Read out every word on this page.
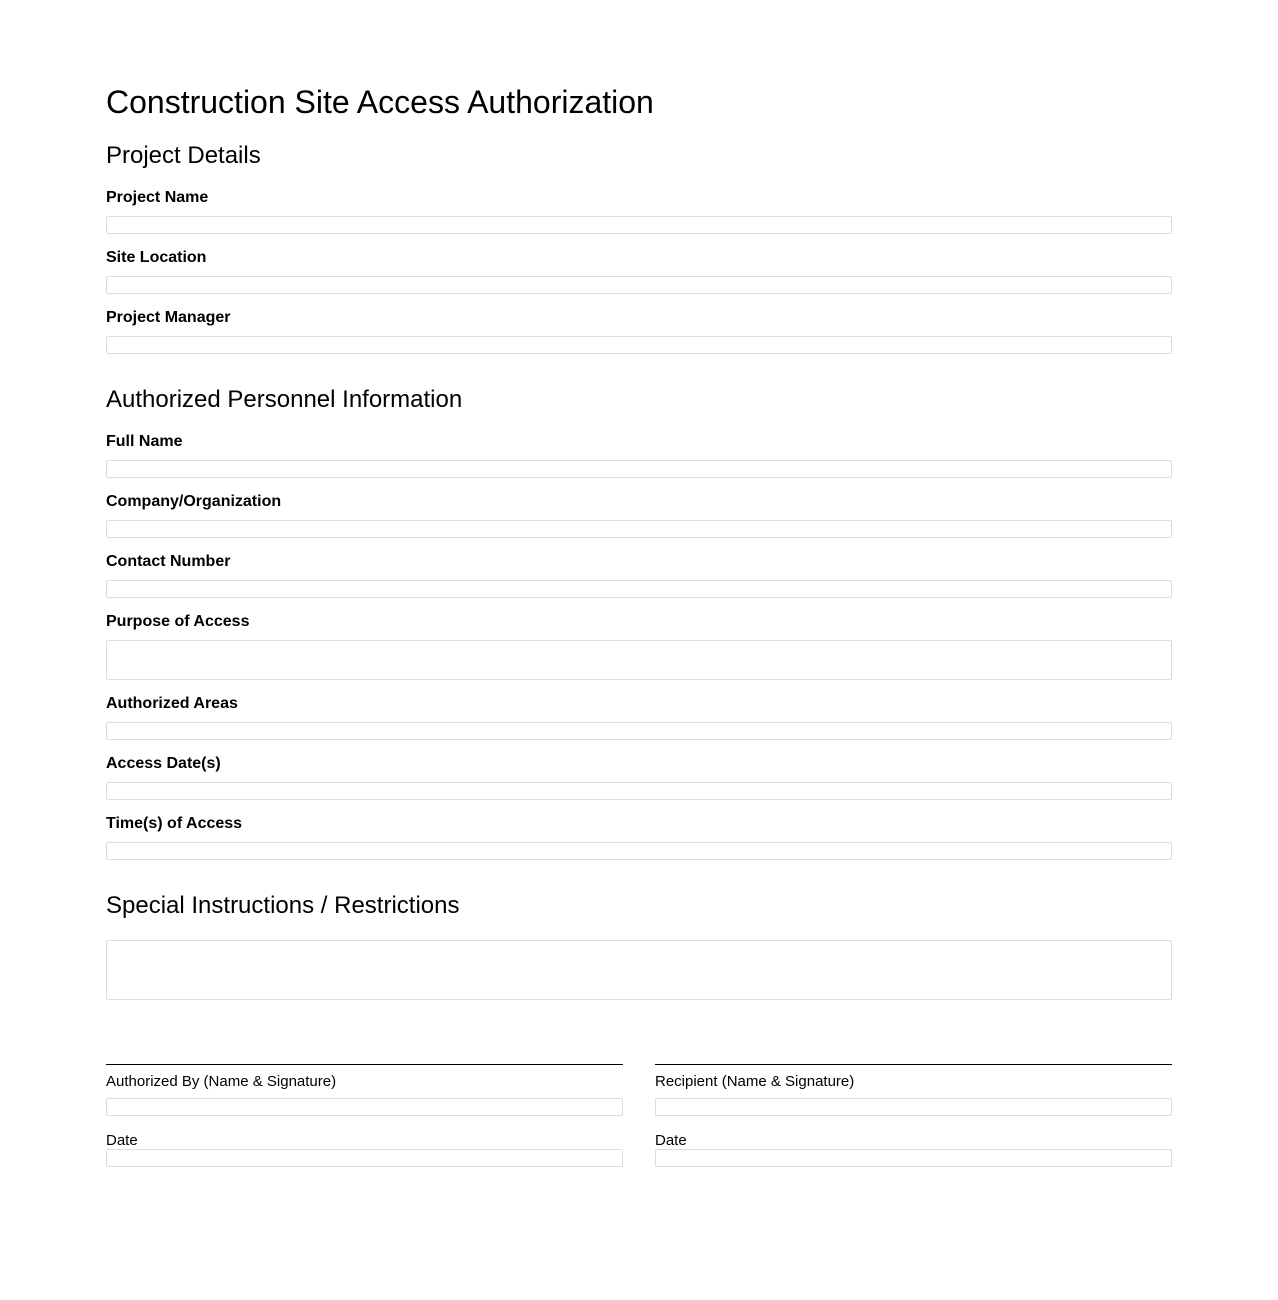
Construction Site Access Authorization
Project Details
Project Name
Site Location
Project Manager
Authorized Personnel Information
Full Name
Company/Organization
Contact Number
Purpose of Access
Authorized Areas
Access Date(s)
Time(s) of Access
Special Instructions / Restrictions
Authorized By (Name & Signature)
Date
Recipient (Name & Signature)
Date
